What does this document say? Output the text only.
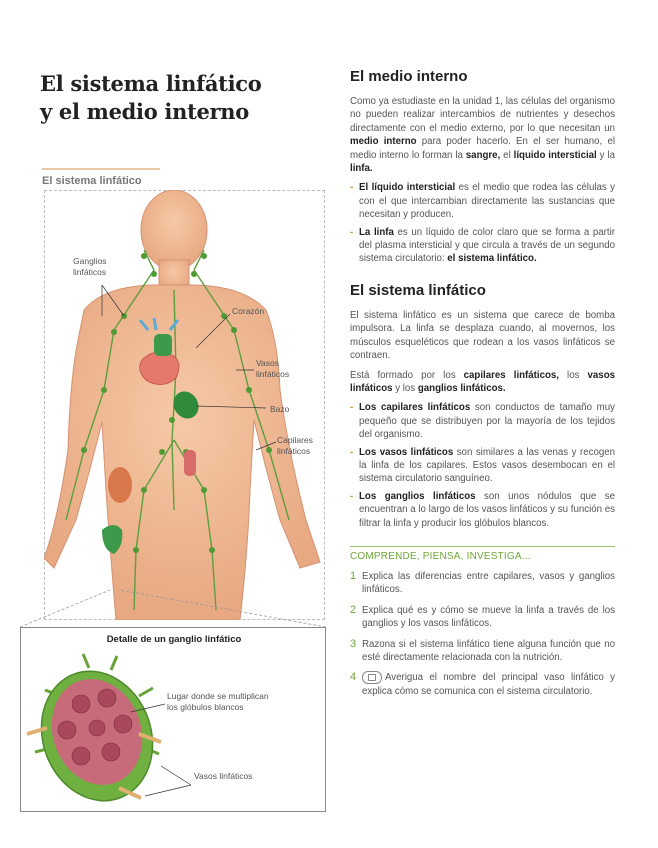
El sistema linfático
y el medio interno
El sistema linfático
Ganglios linfáticos
Corazón
Vasos linfáticos
Bazo
Capilares linfáticos
Detalle de un ganglio linfático
Lugar donde se multiplican los glóbulos blancos
Vasos linfáticos
El medio interno

Como ya estudiaste en la unidad 1, las células del organismo no pueden realizar intercambios de nutrientes y desechos directamente con el medio externo, por lo que necesitan un medio interno para poder hacerlo. En el ser humano, el medio interno lo forman la sangre, el líquido intersticial y la linfa.

- El líquido intersticial es el medio que rodea las células y con el que intercambian directamente las sustancias que necesitan y producen.
- La linfa es un líquido de color claro que se forma a partir del plasma intersticial y que circula a través de un segundo sistema circulatorio: el sistema linfático.
El sistema linfático

El sistema linfático es un sistema que carece de bomba impulsora. La linfa se desplaza cuando, al movernos, los músculos esqueléticos que rodean a los vasos linfáticos se contraen.

Está formado por los capilares linfáticos, los vasos linfáticos y los ganglios linfáticos.

- Los capilares linfáticos son conductos de tamaño muy pequeño que se distribuyen por la mayoría de los tejidos del organismo.
- Los vasos linfáticos son similares a las venas y recogen la linfa de los capilares. Estos vasos desembocan en el sistema circulatorio sanguíneo.
- Los ganglios linfáticos son unos nódulos que se encuentran a lo largo de los vasos linfáticos y su función es filtrar la linfa y producir los glóbulos blancos.
COMPRENDE, PIENSA, INVESTIGA...
1 Explica las diferencias entre capilares, vasos y ganglios linfáticos.
2 Explica qué es y cómo se mueve la linfa a través de los ganglios y los vasos linfáticos.
3 Razona si el sistema linfático tiene alguna función que no esté directamente relacionada con la nutrición.
4	Averigua el nombre del principal vaso linfático y explica cómo se comunica con el sistema circulatorio.
